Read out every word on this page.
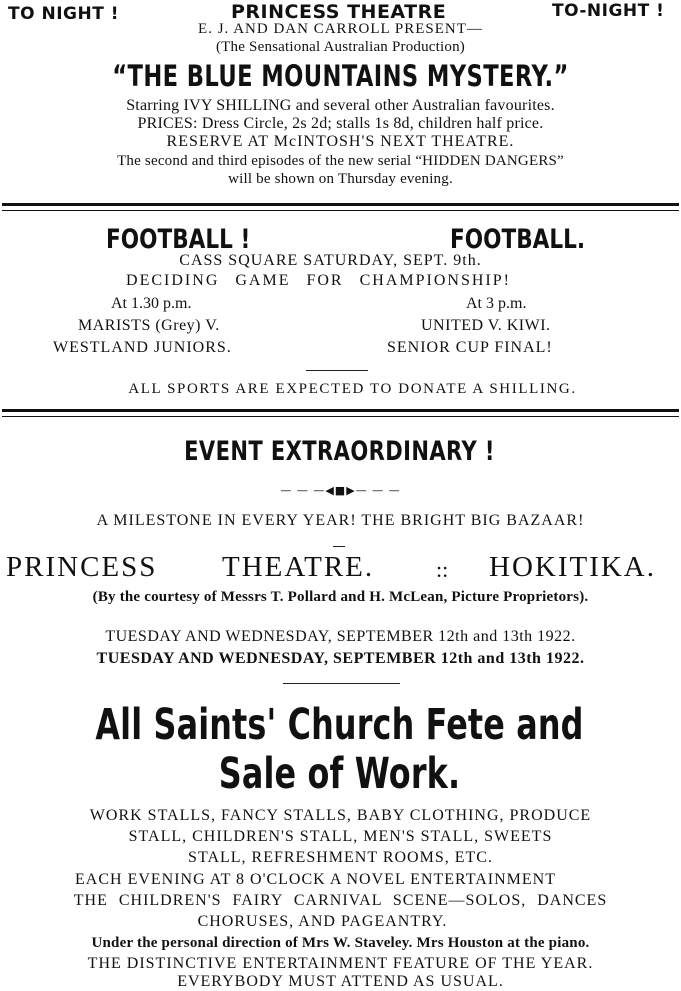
TO NIGHT !	PRINCESS THEATRE	TO-NIGHT !
E. J. AND DAN CARROLL PRESENT—
(The Sensational Australian Production)
“THE BLUE MOUNTAINS MYSTERY.”
Starring IVY SHILLING and several other Australian favourites.
PRICES: Dress Circle, 2s 2d; stalls 1s 8d, children half price.
RESERVE AT McINTOSH'S NEXT THEATRE.
The second and third episodes of the new serial “HIDDEN DANGERS”
will be shown on Thursday evening.
FOOTBALL !	FOOTBALL.
CASS SQUARE SATURDAY, SEPT. 9th.
DECIDING GAME FOR CHAMPIONSHIP!
At 1.30 p.m.	At 3 p.m.
MARISTS (Grey) V.	UNITED V. KIWI.
WESTLAND JUNIORS.	SENIOR CUP FINAL!
ALL SPORTS ARE EXPECTED TO DONATE A SHILLING.
EVENT EXTRAORDINARY !
— — —◀■▶— — —
A MILESTONE IN EVERY YEAR! THE BRIGHT BIG BAZAAR!
PRINCESS THEATRE.	:: HOKITIKA.
(By the courtesy of Messrs T. Pollard and H. McLean, Picture Proprietors).
TUESDAY AND WEDNESDAY, SEPTEMBER 12th and 13th 1922.
TUESDAY AND WEDNESDAY, SEPTEMBER 12th and 13th 1922.
All Saints' Church Fete and
Sale of Work.
WORK STALLS, FANCY STALLS, BABY CLOTHING, PRODUCE
STALL, CHILDREN'S STALL, MEN'S STALL, SWEETS
STALL, REFRESHMENT ROOMS, ETC.
EACH EVENING AT 8 O'CLOCK A NOVEL ENTERTAINMENT
THE CHILDREN'S FAIRY CARNIVAL SCENE—SOLOS, DANCES
CHORUSES, AND PAGEANTRY.
Under the personal direction of Mrs W. Staveley. Mrs Houston at the piano.
THE DISTINCTIVE ENTERTAINMENT FEATURE OF THE YEAR.
EVERYBODY MUST ATTEND AS USUAL.
